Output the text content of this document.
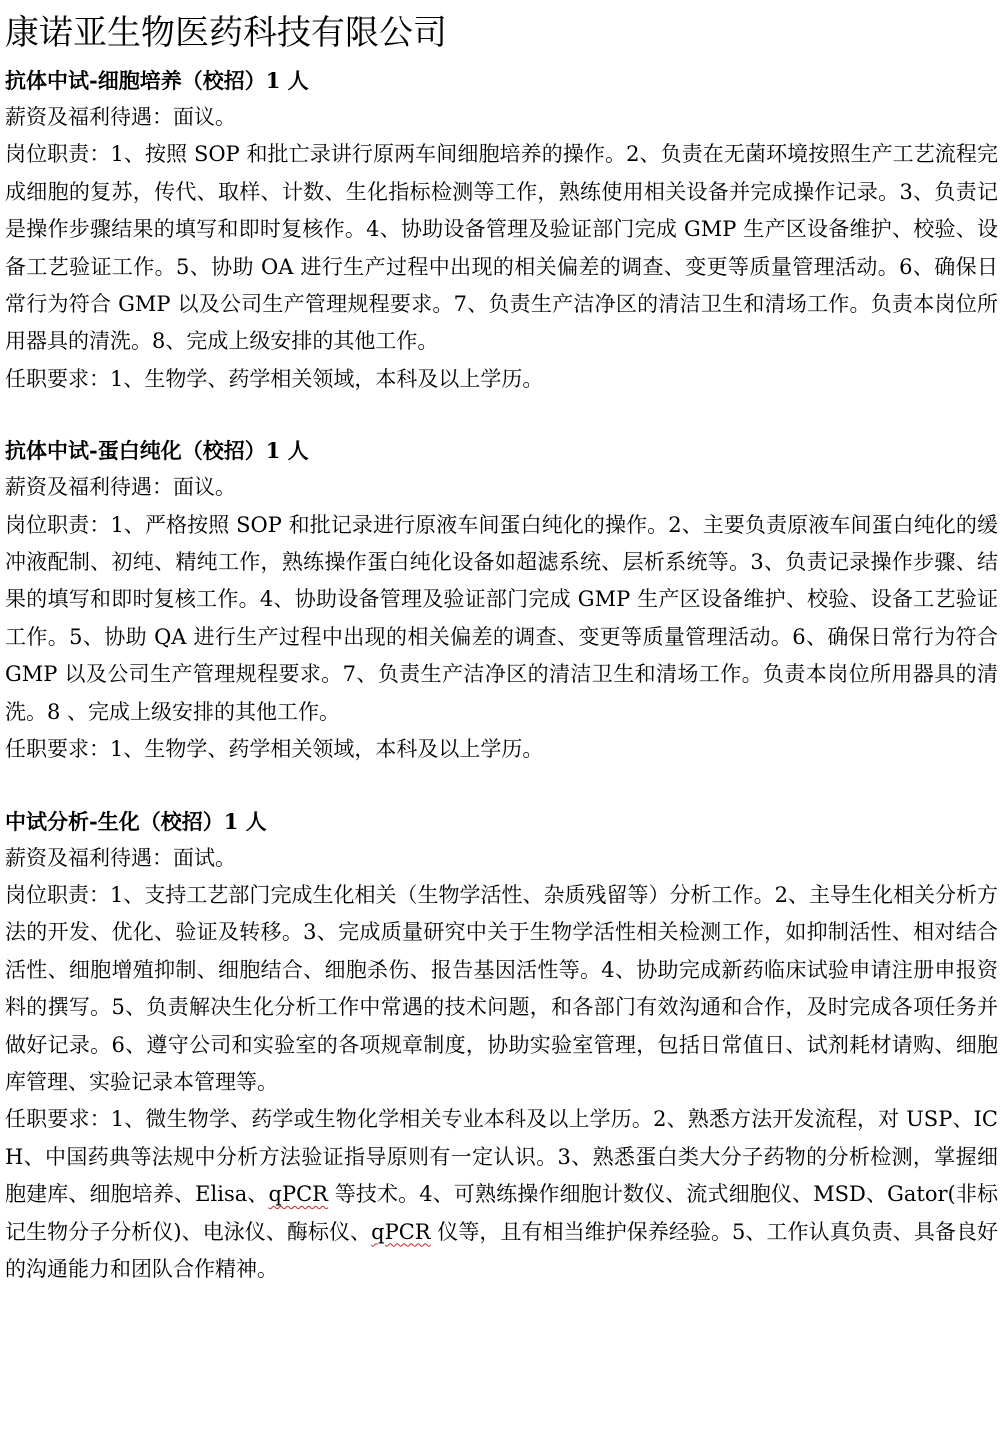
康诺亚生物医药科技有限公司
抗体中试-细胞培养（校招）1 人

薪资及福利待遇：面议。

岗位职责：1、按照 SOP 和批亡录讲行原两车间细胞培养的操作。2、负责在无菌环境按照生产工艺流程完成细胞的复苏，传代、取样、计数、生化指标检测等工作，熟练使用相关设备并完成操作记录。3、负责记是操作步骤结果的填写和即时复核作。4、协助设备管理及验证部门完成 GMP 生产区设备维护、校验、设备工艺验证工作。5、协助 OA 进行生产过程中出现的相关偏差的调查、变更等质量管理活动。6、确保日常行为符合 GMP 以及公司生产管理规程要求。7、负责生产洁净区的清洁卫生和清场工作。负责本岗位所用器具的清洗。8、完成上级安排的其他工作。

任职要求：1、生物学、药学相关领域，本科及以上学历。

抗体中试-蛋白纯化（校招）1 人

薪资及福利待遇：面议。

岗位职责：1、严格按照 SOP 和批记录进行原液车间蛋白纯化的操作。2、主要负责原液车间蛋白纯化的缓冲液配制、初纯、精纯工作，熟练操作蛋白纯化设备如超滤系统、层析系统等。3、负责记录操作步骤、结果的填写和即时复核工作。4、协助设备管理及验证部门完成 GMP 生产区设备维护、校验、设备工艺验证工作。5、协助 QA 进行生产过程中出现的相关偏差的调查、变更等质量管理活动。6、确保日常行为符合 GMP 以及公司生产管理规程要求。7、负责生产洁净区的清洁卫生和清场工作。负责本岗位所用器具的清洗。8 、完成上级安排的其他工作。

任职要求：1、生物学、药学相关领域，本科及以上学历。

中试分析-生化（校招）1 人

薪资及福利待遇：面试。

岗位职责：1、支持工艺部门完成生化相关（生物学活性、杂质残留等）分析工作。2、主导生化相关分析方法的开发、优化、验证及转移。3、完成质量研究中关于生物学活性相关检测工作，如抑制活性、相对结合活性、细胞增殖抑制、细胞结合、细胞杀伤、报告基因活性等。4、协助完成新药临床试验申请注册申报资料的撰写。5、负责解决生化分析工作中常遇的技术问题，和各部门有效沟通和合作，及时完成各项任务并做好记录。6、遵守公司和实验室的各项规章制度，协助实验室管理，包括日常值日、试剂耗材请购、细胞库管理、实验记录本管理等。

任职要求：1、微生物学、药学或生物化学相关专业本科及以上学历。2、熟悉方法开发流程，对 USP、ICH、中国药典等法规中分析方法验证指导原则有一定认识。3、熟悉蛋白类大分子药物的分析检测，掌握细胞建库、细胞培养、Elisa、qPCR 等技术。4、可熟练操作细胞计数仪、流式细胞仪、MSD、Gator(非标记生物分子分析仪)、电泳仪、酶标仪、qPCR 仪等，且有相当维护保养经验。5、工作认真负责、具备良好的沟通能力和团队合作精神。
